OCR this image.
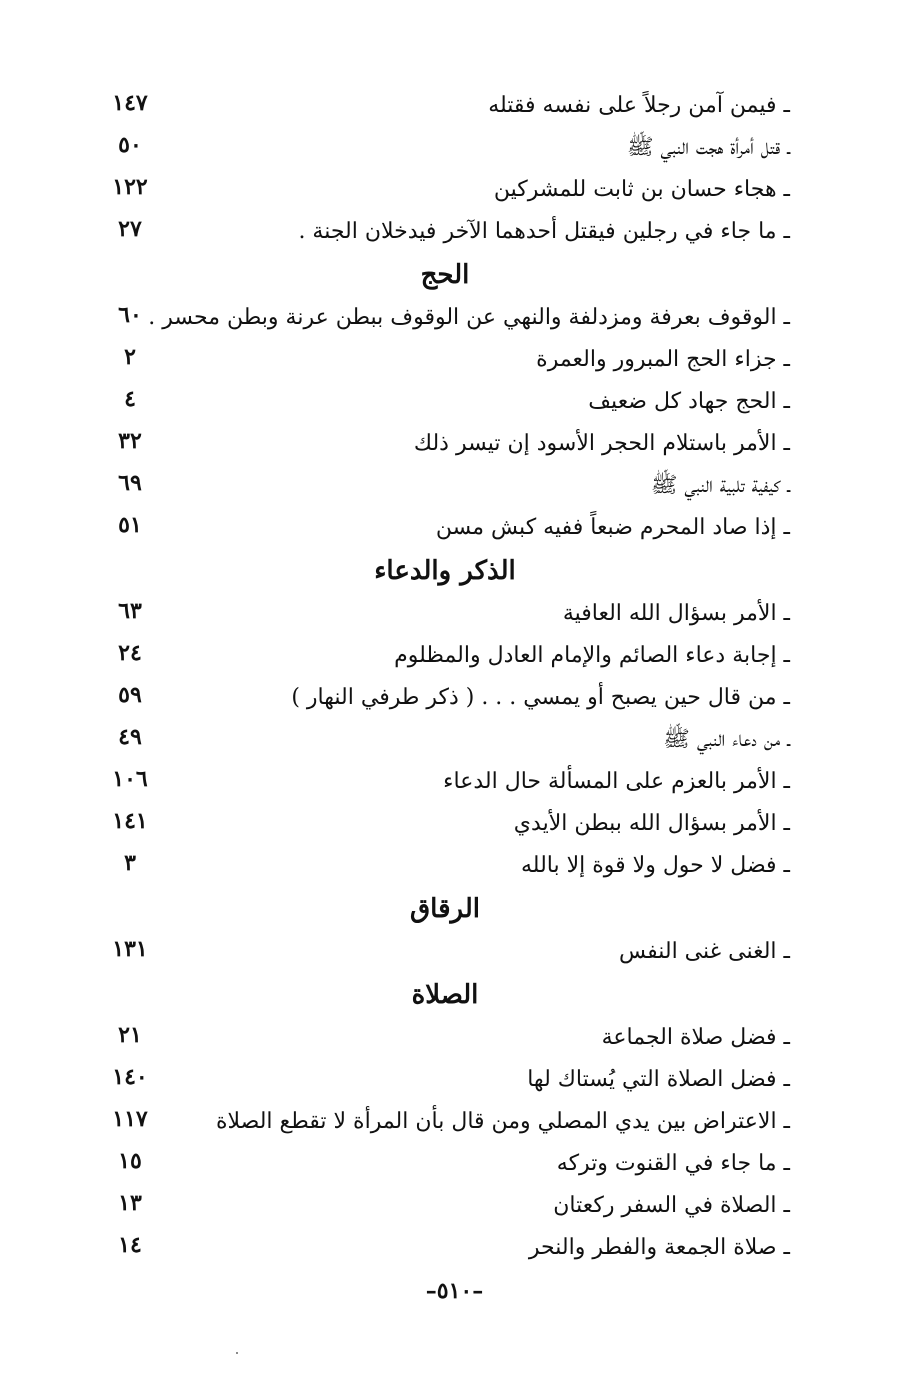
ـ فيمن آمن رجلاً على نفسه فقتله
١٤٧
ـ قتل أمرأة هجت النبي ﷺ
٥٠
ـ هجاء حسان بن ثابت للمشركين
١٢٢
ـ ما جاء في رجلين فيقتل أحدهما الآخر فيدخلان الجنة .
٢٧
الحج
ـ الوقوف بعرفة ومزدلفة والنهي عن الوقوف ببطن عرنة وبطن محسر .
٦٠
ـ جزاء الحج المبرور والعمرة
٢
ـ الحج جهاد كل ضعيف
٤
ـ الأمر باستلام الحجر الأسود إن تيسر ذلك
٣٢
ـ كيفية تلبية النبي ﷺ
٦٩
ـ إذا صاد المحرم ضبعاً ففيه كبش مسن
٥١
الذكر والدعاء
ـ الأمر بسؤال الله العافية
٦٣
ـ إجابة دعاء الصائم والإمام العادل والمظلوم
٢٤
ـ من قال حين يصبح أو يمسي . . . ( ذكر طرفي النهار )
٥٩
ـ من دعاء النبي ﷺ
٤٩
ـ الأمر بالعزم على المسألة حال الدعاء
١٠٦
ـ الأمر بسؤال الله ببطن الأيدي
١٤١
ـ فضل لا حول ولا قوة إلا بالله
٣
الرقاق
ـ الغنى غنى النفس
١٣١
الصلاة
ـ فضل صلاة الجماعة
٢١
ـ فضل الصلاة التي يُستاك لها
١٤٠
ـ الاعتراض بين يدي المصلي ومن قال بأن المرأة لا تقطع الصلاة
١١٧
ـ ما جاء في القنوت وتركه
١٥
ـ الصلاة في السفر ركعتان
١٣
ـ صلاة الجمعة والفطر والنحر
١٤
–٥١٠–
